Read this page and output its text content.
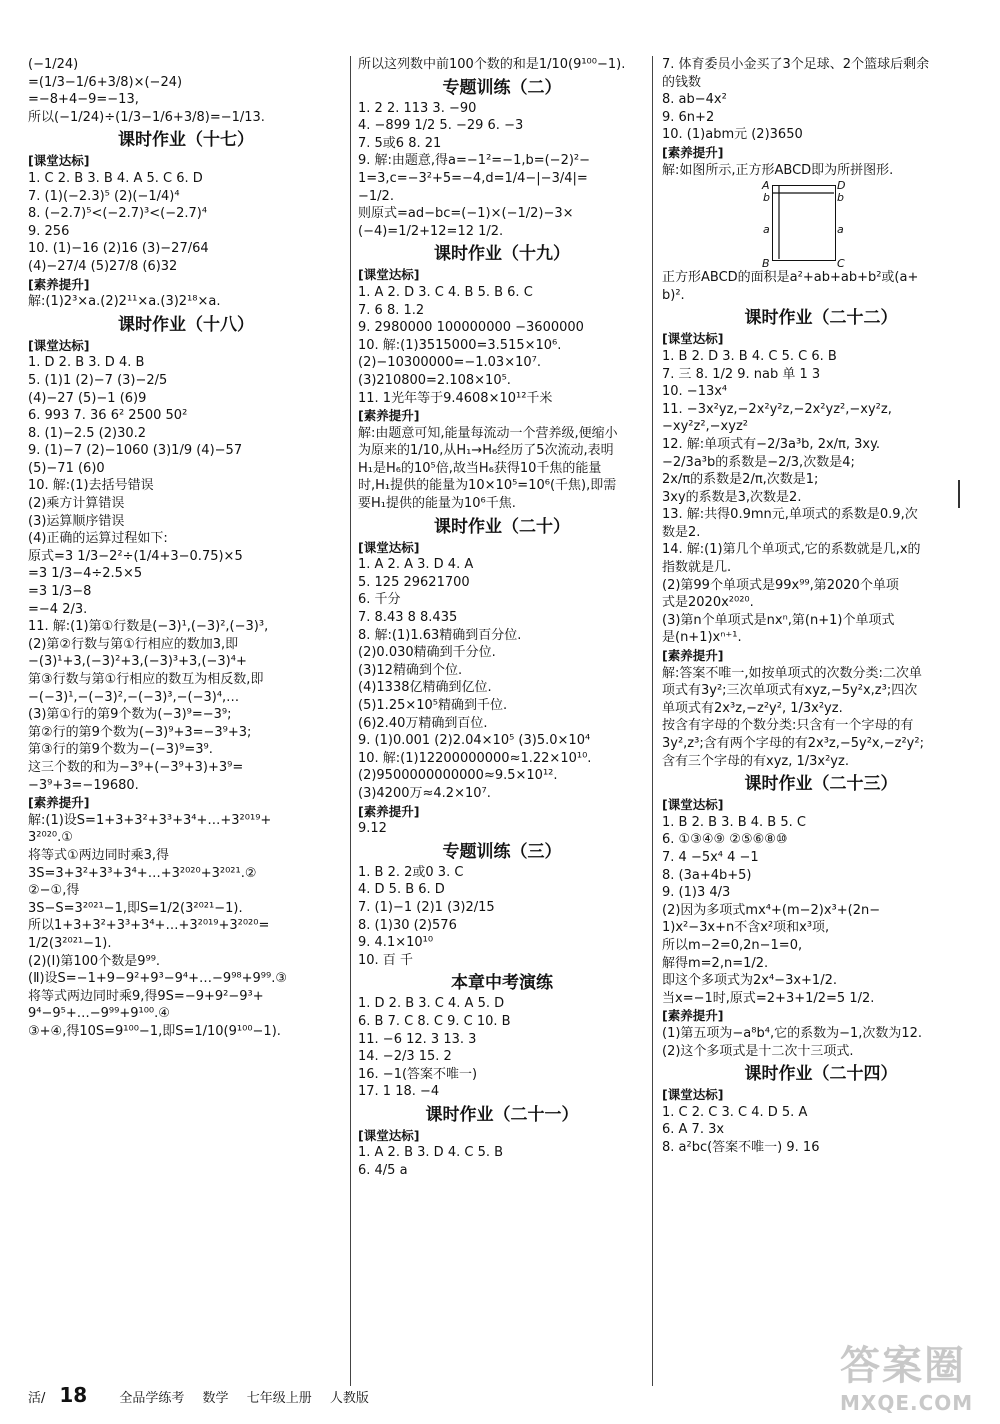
(−1/24)
=(1/3−1/6+3/8)×(−24)
=−8+4−9=−13,
所以(−1/24)÷(1/3−1/6+3/8)=−1/13.
课时作业（十七）
[课堂达标]
1. C 2. B 3. B 4. A 5. C 6. D
7. (1)(−2.3)⁵ (2)(−1/4)⁴
8. (−2.7)⁵<(−2.7)³<(−2.7)⁴
9. 256
10. (1)−16 (2)16 (3)−27/64
(4)−27/4 (5)27/8 (6)32
[素养提升]
解:(1)2³×a.(2)2¹¹×a.(3)2¹⁸×a.
课时作业（十八）
[课堂达标]
1. D 2. B 3. D 4. B
5. (1)1 (2)−7 (3)−2/5
(4)−27 (5)−1 (6)9
6. 993 7. 36 6² 2500 50²
8. (1)−2.5 (2)30.2
9. (1)−7 (2)−1060 (3)1/9 (4)−57
(5)−71 (6)0
10. 解:(1)去括号错误
(2)乘方计算错误
(3)运算顺序错误
(4)正确的运算过程如下:
原式=3 1/3−2²÷(1/4+3−0.75)×5
=3 1/3−4÷2.5×5
=3 1/3−8
=−4 2/3.
11. 解:(1)第①行数是(−3)¹,(−3)²,(−3)³,
(2)第②行数与第①行相应的数加3,即
−(3)¹+3,(−3)²+3,(−3)³+3,(−3)⁴+
第③行数与第①行相应的数互为相反数,即
−(−3)¹,−(−3)²,−(−3)³,−(−3)⁴,…
(3)第①行的第9个数为(−3)⁹=−3⁹;
第②行的第9个数为(−3)⁹+3=−3⁹+3;
第③行的第9个数为−(−3)⁹=3⁹.
这三个数的和为−3⁹+(−3⁹+3)+3⁹=
−3⁹+3=−19680.
[素养提升]
解:(1)设S=1+3+3²+3³+3⁴+…+3²⁰¹⁹+
3²⁰²⁰.①
将等式①两边同时乘3,得
3S=3+3²+3³+3⁴+…+3²⁰²⁰+3²⁰²¹.②
②−①,得
3S−S=3²⁰²¹−1,即S=1/2(3²⁰²¹−1).
所以1+3+3²+3³+3⁴+…+3²⁰¹⁹+3²⁰²⁰=
1/2(3²⁰²¹−1).
(2)(Ⅰ)第100个数是9⁹⁹.
(Ⅱ)设S=−1+9−9²+9³−9⁴+…−9⁹⁸+9⁹⁹.③
将等式两边同时乘9,得9S=−9+9²−9³+
9⁴−9⁵+…−9⁹⁹+9¹⁰⁰.④
③+④,得10S=9¹⁰⁰−1,即S=1/10(9¹⁰⁰−1).
所以这列数中前100个数的和是1/10(9¹⁰⁰−1).
专题训练（二）
1. 2 2. 113 3. −90
4. −899 1/2 5. −29 6. −3
7. 5或6 8. 21
9. 解:由题意,得a=−1²=−1,b=(−2)²−
1=3,c=−3²+5=−4,d=1/4−|−3/4|=
−1/2.
则原式=ad−bc=(−1)×(−1/2)−3×
(−4)=1/2+12=12 1/2.
课时作业（十九）
[课堂达标]
1. A 2. D 3. C 4. B 5. B 6. C
7. 6 8. 1.2
9. 2980000 100000000 −3600000
10. 解:(1)3515000=3.515×10⁶.
(2)−10300000=−1.03×10⁷.
(3)210800=2.108×10⁵.
11. 1光年等于9.4608×10¹²千米
[素养提升]
解:由题意可知,能量每流动一个营养级,便缩小
为原来的1/10,从H₁→H₆经历了5次流动,表明
H₁是H₆的10⁵倍,故当H₆获得10千焦的能量
时,H₁提供的能量为10×10⁵=10⁶(千焦),即需
要H₁提供的能量为10⁶千焦.
课时作业（二十）
[课堂达标]
1. A 2. A 3. D 4. A
5. 125 29621700
6. 千分
7. 8.43 8 8.435
8. 解:(1)1.63精确到百分位.
(2)0.030精确到千分位.
(3)12精确到个位.
(4)1338亿精确到亿位.
(5)1.25×10⁵精确到千位.
(6)2.40万精确到百位.
9. (1)0.001 (2)2.04×10⁵ (3)5.0×10⁴
10. 解:(1)12200000000≈1.22×10¹⁰.
(2)9500000000000≈9.5×10¹².
(3)4200万≈4.2×10⁷.
[素养提升]
9.12
专题训练（三）
1. B 2. 2或0 3. C
4. D 5. B 6. D
7. (1)−1 (2)1 (3)2/15
8. (1)30 (2)576
9. 4.1×10¹⁰
10. 百 千
本章中考演练
1. D 2. B 3. C 4. A 5. D
6. B 7. C 8. C 9. C 10. B
11. −6 12. 3 13. 3
14. −2/3 15. 2
16. −1(答案不唯一)
17. 1 18. −4
课时作业（二十一）
[课堂达标]
1. A 2. B 3. D 4. C 5. B
6. 4/5 a
7. 体育委员小金买了3个足球、2个篮球后剩余
的钱数
8. ab−4x²
9. 6n+2
10. (1)abm元 (2)3650
[素养提升]
解:如图所示,正方形ABCD即为所拼图形.
A	D
B	C
b	b
a	a
正方形ABCD的面积是a²+ab+ab+b²或(a+
b)².
课时作业（二十二）
[课堂达标]
1. B 2. D 3. B 4. C 5. C 6. B
7. 三 8. 1/2 9. nab 单 1 3
10. −13x⁴
11. −3x²yz,−2x²y²z,−2x²yz²,−xy²z,
−xy²z²,−xyz²
12. 解:单项式有−2/3a³b, 2x/π, 3xy.
−2/3a³b的系数是−2/3,次数是4;
2x/π的系数是2/π,次数是1;
3xy的系数是3,次数是2.
13. 解:共得0.9mn元,单项式的系数是0.9,次
数是2.
14. 解:(1)第几个单项式,它的系数就是几,x的
指数就是几.
(2)第99个单项式是99x⁹⁹,第2020个单项
式是2020x²⁰²⁰.
(3)第n个单项式是nxⁿ,第(n+1)个单项式
是(n+1)xⁿ⁺¹.
[素养提升]
解:答案不唯一,如按单项式的次数分类:二次单
项式有3y²;三次单项式有xyz,−5y²x,z³;四次
单项式有2x³z,−z²y², 1/3x²yz.
按含有字母的个数分类:只含有一个字母的有
3y²,z³;含有两个字母的有2x³z,−5y²x,−z²y²;
含有三个字母的有xyz, 1/3x²yz.
课时作业（二十三）
[课堂达标]
1. B 2. B 3. B 4. B 5. C
6. ①③④⑨ ②⑤⑥⑧⑩
7. 4 −5x⁴ 4 −1
8. (3a+4b+5)
9. (1)3 4/3
(2)因为多项式mx⁴+(m−2)x³+(2n−
1)x²−3x+n不含x²项和x³项,
所以m−2=0,2n−1=0,
解得m=2,n=1/2.
即这个多项式为2x⁴−3x+1/2.
当x=−1时,原式=2+3+1/2=5 1/2.
[素养提升]
(1)第五项为−a⁸b⁴,它的系数为−1,次数为12.
(2)这个多项式是十二次十三项式.
课时作业（二十四）
[课堂达标]
1. C 2. C 3. C 4. D 5. A
6. A 7. 3x
8. a²bc(答案不唯一) 9. 16
活/ 18 全品学练考 数学 七年级上册 人教版
答案圈
MXQE.COM
